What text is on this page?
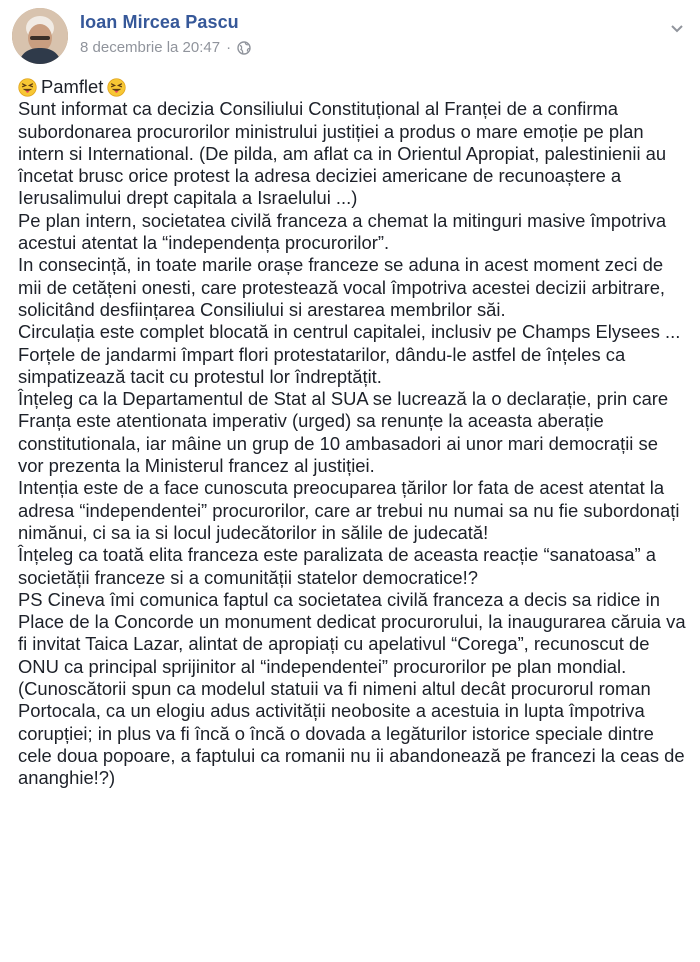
Ioan Mircea Pascu
8 decembrie la 20:47 ·

Pamflet

Sunt informat ca decizia Consiliului Constituțional al Franței de a confirma subordonarea procurorilor ministrului justiției a produs o mare emoție pe plan intern si International. (De pilda, am aflat ca in Orientul Apropiat, palestinienii au încetat brusc orice protest la adresa deciziei americane de recunoaștere a Ierusalimului drept capitala a Israelului ...)

Pe plan intern, societatea civilă franceza a chemat la mitinguri masive împotriva acestui atentat la “independența procurorilor”.

In consecință, in toate marile orașe franceze se aduna in acest moment zeci de mii de cetățeni onesti, care protestează vocal împotriva acestei decizii arbitrare, solicitând desființarea Consiliului si arestarea membrilor săi.

Circulația este complet blocată in centrul capitalei, inclusiv pe Champs Elysees ...

Forțele de jandarmi împart flori protestatarilor, dându-le astfel de înțeles ca simpatizează tacit cu protestul lor îndreptățit.

Înțeleg ca la Departamentul de Stat al SUA se lucrează la o declarație, prin care Franța este atentionata imperativ (urged) sa renunțe la aceasta aberație constitutionala, iar mâine un grup de 10 ambasadori ai unor mari democrații se vor prezenta la Ministerul francez al justiției.

Intenția este de a face cunoscuta preocuparea țărilor lor fata de acest atentat la adresa “independentei” procurorilor, care ar trebui nu numai sa nu fie subordonați nimănui, ci sa ia si locul judecătorilor in sălile de judecată!

Înțeleg ca toată elita franceza este paralizata de aceasta reacție “sanatoasa” a societății franceze si a comunității statelor democratice!?

PS Cineva îmi comunica faptul ca societatea civilă franceza a decis sa ridice in Place de la Concorde un monument dedicat procurorului, la inaugurarea căruia va fi invitat Taica Lazar, alintat de apropiați cu apelativul “Corega”, recunoscut de ONU ca principal sprijinitor al “independentei” procurorilor pe plan mondial. (Cunoscătorii spun ca modelul statuii va fi nimeni altul decât procurorul roman Portocala, ca un elogiu adus activității neobosite a acestuia in lupta împotriva corupției; in plus va fi încă o încă o dovada a legăturilor istorice speciale dintre cele doua popoare, a faptului ca romanii nu ii abandonează pe francezi la ceas de ananghie!?)
